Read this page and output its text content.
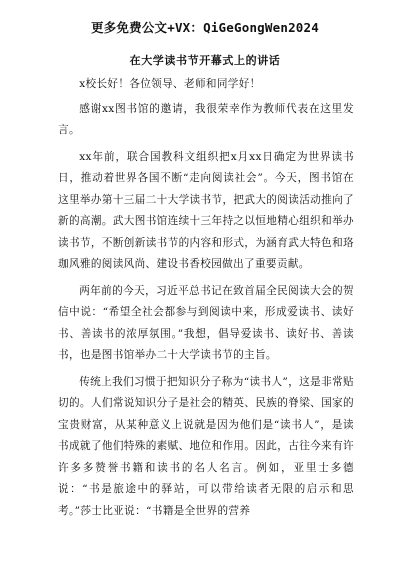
更多免费公文+VX：QiGeGongWen2024
在大学读书节开幕式上的讲话

x校长好！各位领导、老师和同学好！

感谢xx图书馆的邀请，我很荣幸作为教师代表在这里发言。

xx年前，联合国教科文组织把x月xx日确定为世界读书日，推动着世界各国不断“走向阅读社会”。今天，图书馆在这里举办第十三届二十大学读书节，把武大的阅读活动推向了新的高潮。武大图书馆连续十三年持之以恒地精心组织和举办读书节，不断创新读书节的内容和形式，为涵育武大特色和珞珈风雅的阅读风尚、建设书香校园做出了重要贡献。

两年前的今天，习近平总书记在致首届全民阅读大会的贺信中说：“希望全社会都参与到阅读中来，形成爱读书、读好书、善读书的浓厚氛围。”我想，倡导爱读书、读好书、善读书，也是图书馆举办二十大学读书节的主旨。

传统上我们习惯于把知识分子称为“读书人”，这是非常贴切的。人们常说知识分子是社会的精英、民族的脊梁、国家的宝贵财富，从某种意义上说就是因为他们是“读书人”，是读书成就了他们特殊的素赋、地位和作用。因此，古往今来有许许多多赞誉书籍和读书的名人名言。例如，亚里士多德说：“书是旅途中的驿站，可以带给读者无限的启示和思考。”莎士比亚说：“书籍是全世界的营养
